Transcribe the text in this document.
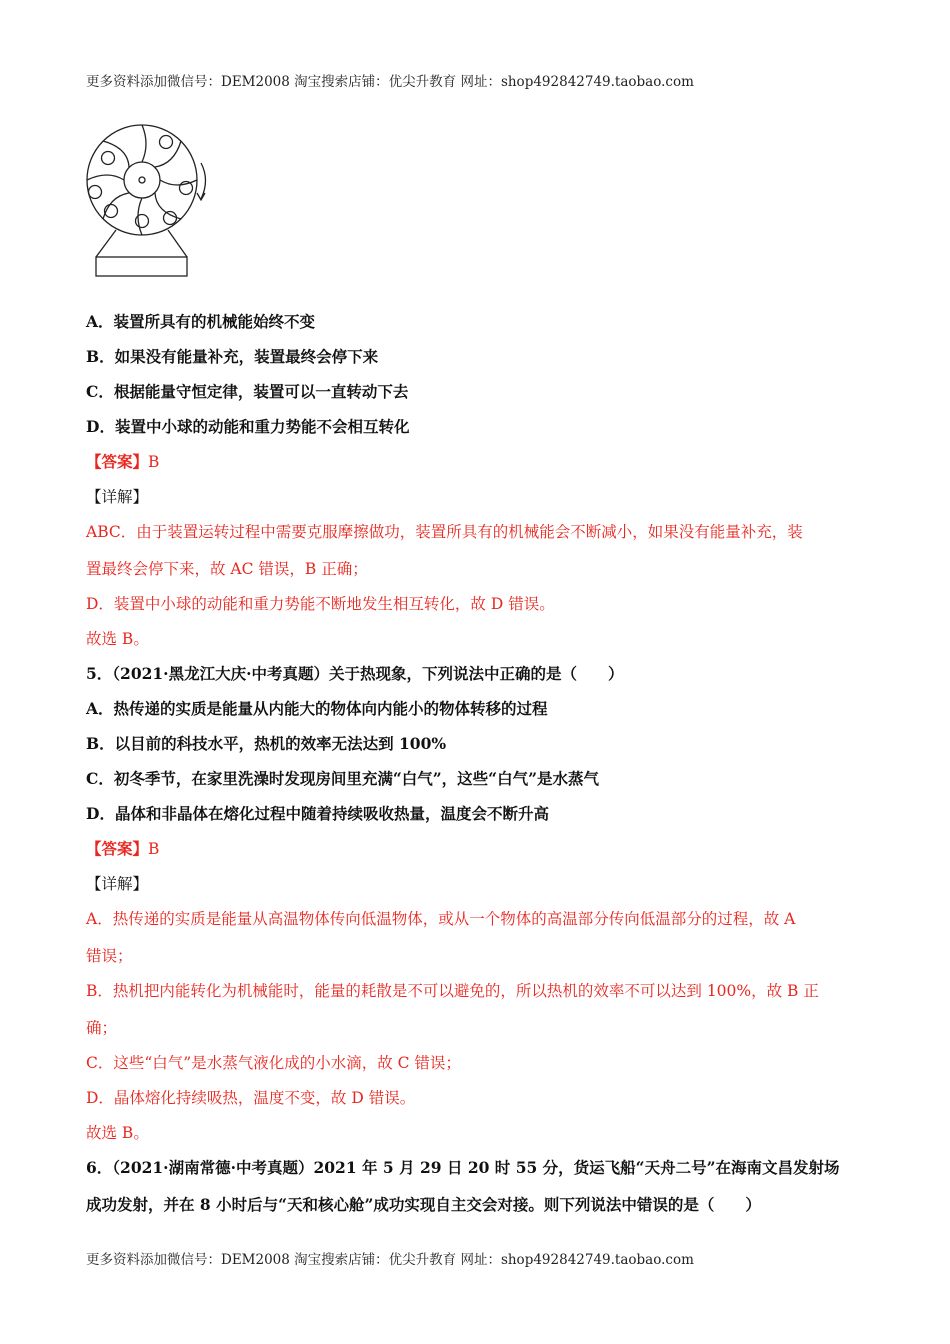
更多资料添加微信号：DEM2008 淘宝搜索店铺：优尖升教育 网址：shop492842749.taobao.com
A．装置所具有的机械能始终不变
B．如果没有能量补充，装置最终会停下来
C．根据能量守恒定律，装置可以一直转动下去
D．装置中小球的动能和重力势能不会相互转化
【答案】B
【详解】
ABC．由于装置运转过程中需要克服摩擦做功，装置所具有的机械能会不断减小，如果没有能量补充，装
置最终会停下来，故 AC 错误，B 正确；
D．装置中小球的动能和重力势能不断地发生相互转化，故 D 错误。
故选 B。
5．（2021·黑龙江大庆·中考真题）关于热现象，下列说法中正确的是（　　）
A．热传递的实质是能量从内能大的物体向内能小的物体转移的过程
B．以目前的科技水平，热机的效率无法达到 100%
C．初冬季节，在家里洗澡时发现房间里充满“白气”，这些“白气”是水蒸气
D．晶体和非晶体在熔化过程中随着持续吸收热量，温度会不断升高
【答案】B
【详解】
A．热传递的实质是能量从高温物体传向低温物体，或从一个物体的高温部分传向低温部分的过程，故 A
错误；
B．热机把内能转化为机械能时，能量的耗散是不可以避免的，所以热机的效率不可以达到 100%，故 B 正
确；
C．这些“白气”是水蒸气液化成的小水滴，故 C 错误；
D．晶体熔化持续吸热，温度不变，故 D 错误。
故选 B。
6．（2021·湖南常德·中考真题）2021 年 5 月 29 日 20 时 55 分，货运飞船“天舟二号”在海南文昌发射场
成功发射，并在 8 小时后与“天和核心舱”成功实现自主交会对接。则下列说法中错误的是（　　）
更多资料添加微信号：DEM2008 淘宝搜索店铺：优尖升教育 网址：shop492842749.taobao.com
